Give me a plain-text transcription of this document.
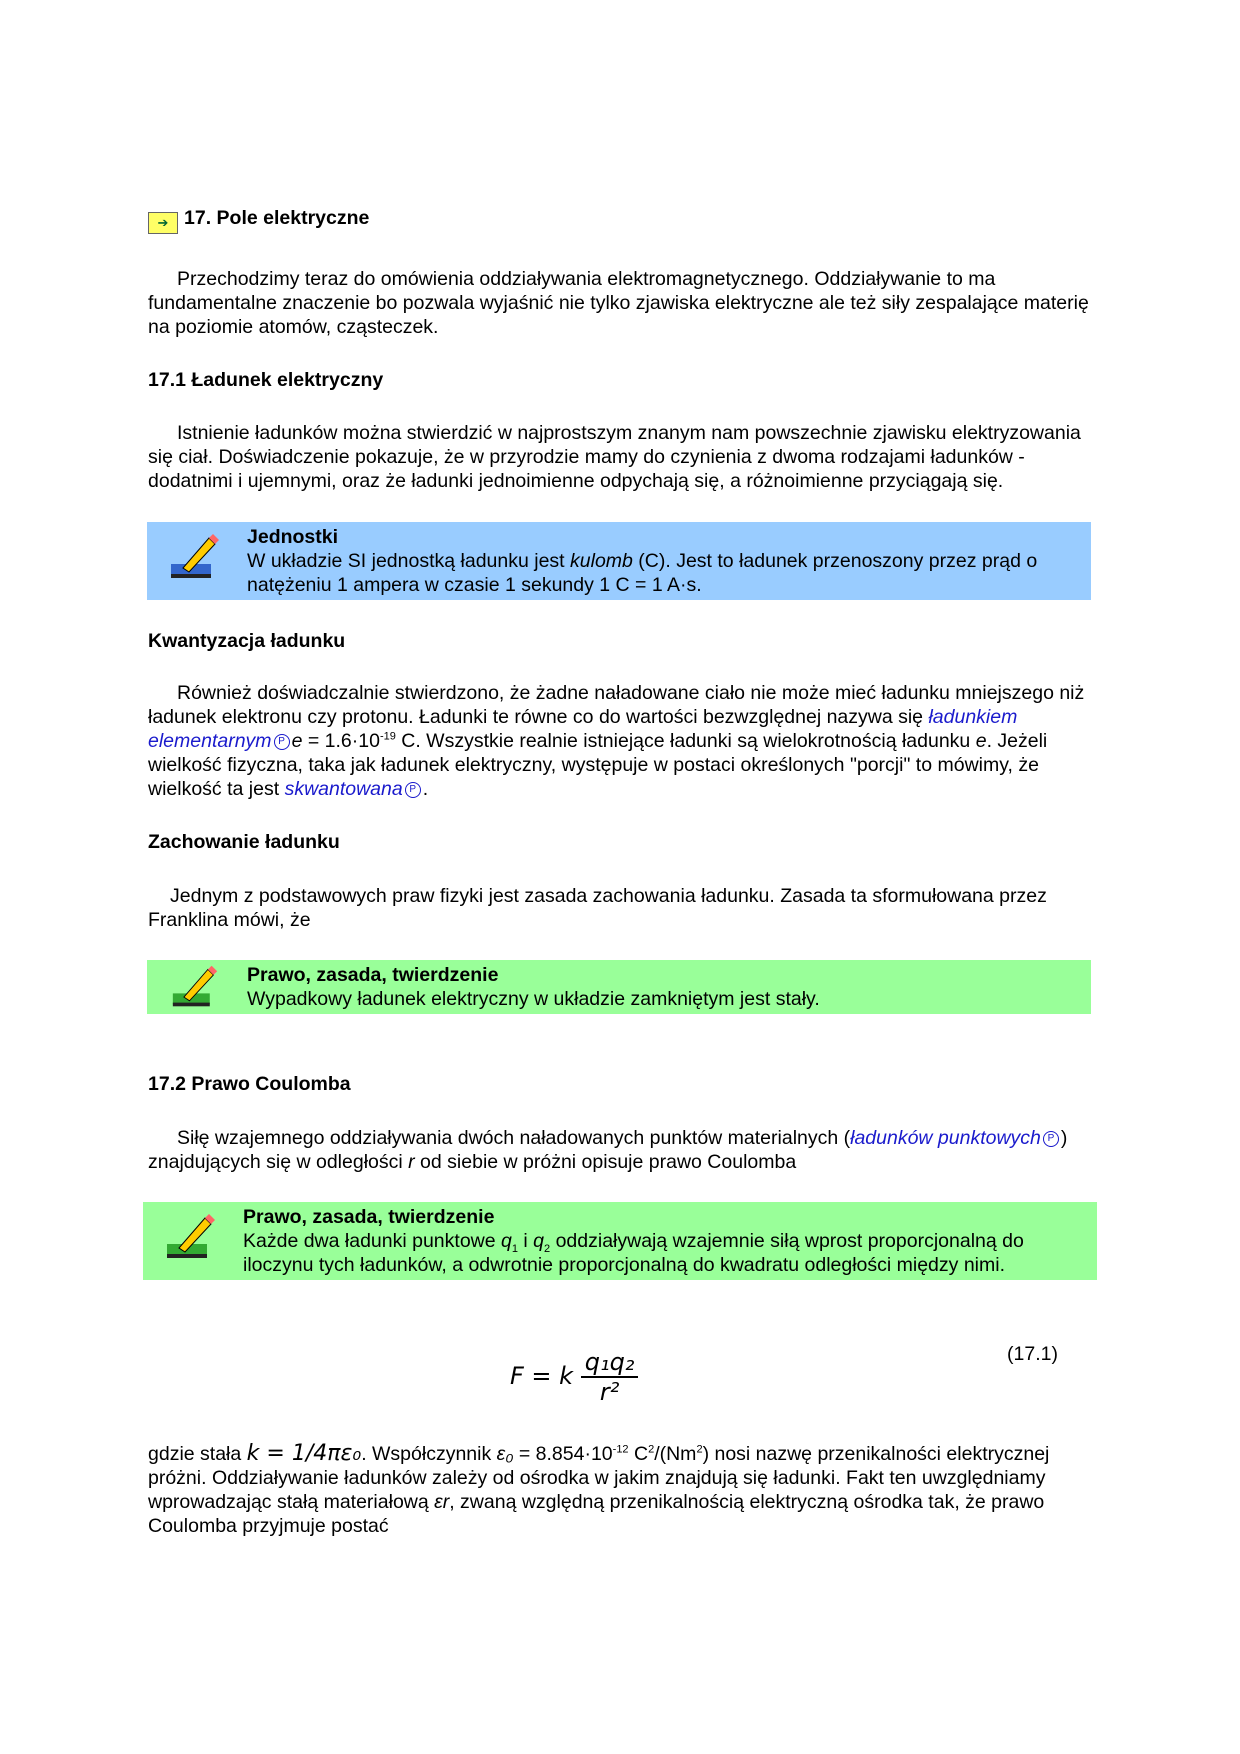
➔ 17. Pole elektryczne

Przechodzimy teraz do omówienia oddziaływania elektromagnetycznego. Oddziaływanie to ma fundamentalne znaczenie bo pozwala wyjaśnić nie tylko zjawiska elektryczne ale też siły zespalające materię na poziomie atomów, cząsteczek.

17.1 Ładunek elektryczny

Istnienie ładunków można stwierdzić w najprostszym znanym nam powszechnie zjawisku elektryzowania się ciał. Doświadczenie pokazuje, że w przyrodzie mamy do czynienia z dwoma rodzajami ładunków - dodatnimi i ujemnymi, oraz że ładunki jednoimienne odpychają się, a różnoimienne przyciągają się.

Jednostki
W układzie SI jednostką ładunku jest kulomb (C). Jest to ładunek przenoszony przez prąd o natężeniu 1 ampera w czasie 1 sekundy 1 C = 1 A·s.
Kwantyzacja ładunku

Również doświadczalnie stwierdzono, że żadne naładowane ciało nie może mieć ładunku mniejszego niż ładunek elektronu czy protonu. Ładunki te równe co do wartości bezwzględnej nazywa się ładunkiem elementarnym P $e = 1.6\cdot 10^{-19}$ C. Wszystkie realnie istniejące ładunki są wielokrotnością ładunku e. Jeżeli wielkość fizyczna, taka jak ładunek elektryczny, występuje w postaci określonych "porcji" to mówimy, że wielkość ta jest skwantowana P .

Zachowanie ładunku

Jednym z podstawowych praw fizyki jest zasada zachowania ładunku. Zasada ta sformułowana przez Franklina mówi, że

Prawo, zasada, twierdzenie
Wypadkowy ładunek elektryczny w układzie zamkniętym jest stały.
17.2 Prawo Coulomba

Siłę wzajemnego oddziaływania dwóch naładowanych punktów materialnych (ładunków punktowych P ) znajdujących się w odległości r od siebie w próżni opisuje prawo Coulomba

Prawo, zasada, twierdzenie
Każde dwa ładunki punktowe $q_1$ i $q_2$ oddziaływają wzajemnie siłą wprost proporcjonalną do iloczynu tych ładunków, a odwrotnie proporcjonalną do kwadratu odległości między nimi.
F = k $\frac{\text{q₁q₂}}{\text{r²}}$	(17.1)

gdzie stała k = 1/4πε₀. Współczynnik $\varepsilon_0 = 8.854\cdot 10^{-12}$ $C^2/(Nm^2)$ nosi nazwę przenikalności elektrycznej próżni. Oddziaływanie ładunków zależy od ośrodka w jakim znajdują się ładunki. Fakt ten uwzględniamy wprowadzając stałą materiałową εr, zwaną względną przenikalnością elektryczną ośrodka tak, że prawo Coulomba przyjmuje postać
